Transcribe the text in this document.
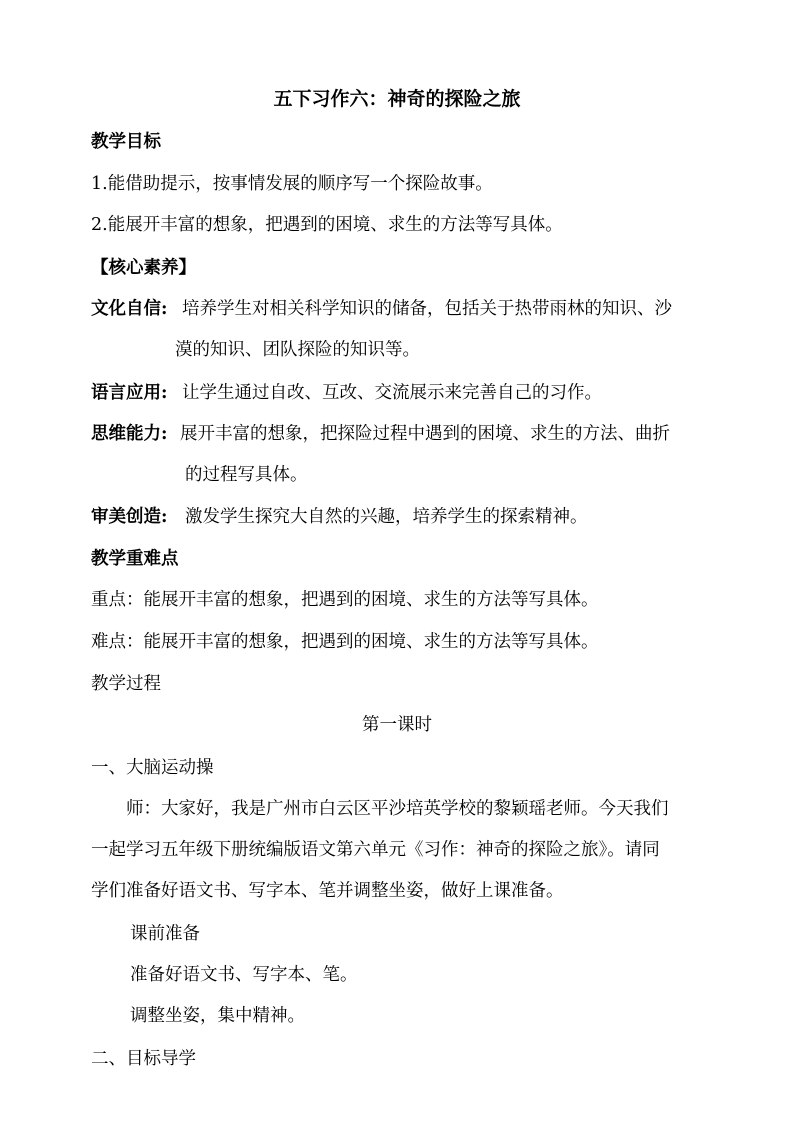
五下习作六：神奇的探险之旅
教学目标
1.能借助提示，按事情发展的顺序写一个探险故事。
2.能展开丰富的想象，把遇到的困境、求生的方法等写具体。
【核心素养】
文化自信: 培养学生对相关科学知识的储备，包括关于热带雨林的知识、沙
漠的知识、团队探险的知识等。
语言应用: 让学生通过自改、互改、交流展示来完善自己的习作。
思维能力: 展开丰富的想象，把探险过程中遇到的困境、求生的方法、曲折
的过程写具体。
审美创造: 激发学生探究大自然的兴趣，培养学生的探索精神。
教学重难点
重点：能展开丰富的想象，把遇到的困境、求生的方法等写具体。
难点：能展开丰富的想象，把遇到的困境、求生的方法等写具体。
教学过程
第一课时
一、大脑运动操
师：大家好，我是广州市白云区平沙培英学校的黎颖瑶老师。今天我们
一起学习五年级下册统编版语文第六单元《习作：神奇的探险之旅》。请同
学们准备好语文书、写字本、笔并调整坐姿，做好上课准备。
课前准备
准备好语文书、写字本、笔。
调整坐姿，集中精神。
二、目标导学
